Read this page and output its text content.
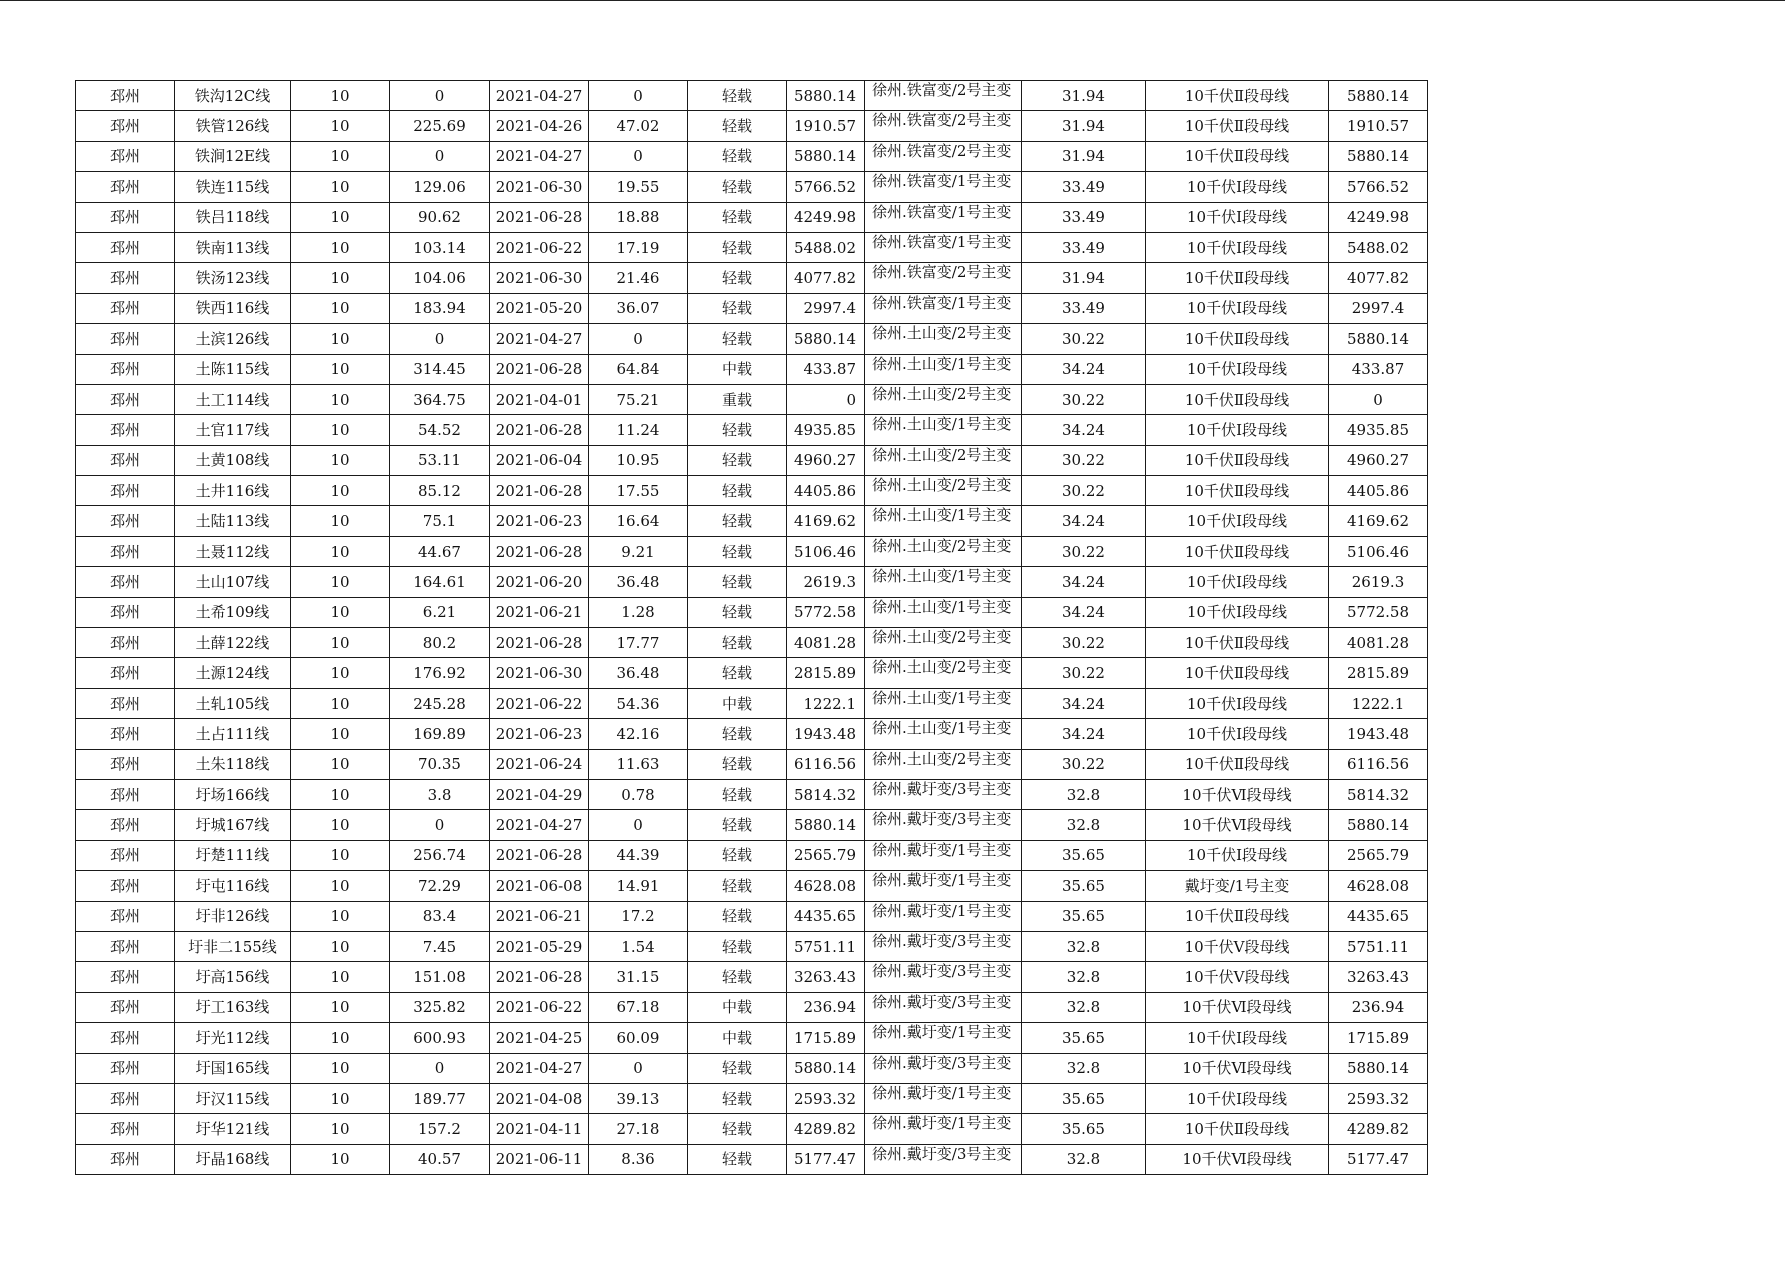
邳州	铁沟12C线	10	0	2021-04-27	0	轻载	5880.14	徐州.铁富变/2号主变	31.94	10千伏Ⅱ段母线	5880.14
邳州	铁管126线	10	225.69	2021-04-26	47.02	轻载	1910.57	徐州.铁富变/2号主变	31.94	10千伏Ⅱ段母线	1910.57
邳州	铁涧12E线	10	0	2021-04-27	0	轻载	5880.14	徐州.铁富变/2号主变	31.94	10千伏Ⅱ段母线	5880.14
邳州	铁连115线	10	129.06	2021-06-30	19.55	轻载	5766.52	徐州.铁富变/1号主变	33.49	10千伏Ⅰ段母线	5766.52
邳州	铁吕118线	10	90.62	2021-06-28	18.88	轻载	4249.98	徐州.铁富变/1号主变	33.49	10千伏Ⅰ段母线	4249.98
邳州	铁南113线	10	103.14	2021-06-22	17.19	轻载	5488.02	徐州.铁富变/1号主变	33.49	10千伏Ⅰ段母线	5488.02
邳州	铁汤123线	10	104.06	2021-06-30	21.46	轻载	4077.82	徐州.铁富变/2号主变	31.94	10千伏Ⅱ段母线	4077.82
邳州	铁西116线	10	183.94	2021-05-20	36.07	轻载	2997.4	徐州.铁富变/1号主变	33.49	10千伏Ⅰ段母线	2997.4
邳州	土滨126线	10	0	2021-04-27	0	轻载	5880.14	徐州.土山变/2号主变	30.22	10千伏Ⅱ段母线	5880.14
邳州	土陈115线	10	314.45	2021-06-28	64.84	中载	433.87	徐州.土山变/1号主变	34.24	10千伏Ⅰ段母线	433.87
邳州	土工114线	10	364.75	2021-04-01	75.21	重载	0	徐州.土山变/2号主变	30.22	10千伏Ⅱ段母线	0
邳州	土官117线	10	54.52	2021-06-28	11.24	轻载	4935.85	徐州.土山变/1号主变	34.24	10千伏Ⅰ段母线	4935.85
邳州	土黄108线	10	53.11	2021-06-04	10.95	轻载	4960.27	徐州.土山变/2号主变	30.22	10千伏Ⅱ段母线	4960.27
邳州	土井116线	10	85.12	2021-06-28	17.55	轻载	4405.86	徐州.土山变/2号主变	30.22	10千伏Ⅱ段母线	4405.86
邳州	土陆113线	10	75.1	2021-06-23	16.64	轻载	4169.62	徐州.土山变/1号主变	34.24	10千伏Ⅰ段母线	4169.62
邳州	土聂112线	10	44.67	2021-06-28	9.21	轻载	5106.46	徐州.土山变/2号主变	30.22	10千伏Ⅱ段母线	5106.46
邳州	土山107线	10	164.61	2021-06-20	36.48	轻载	2619.3	徐州.土山变/1号主变	34.24	10千伏Ⅰ段母线	2619.3
邳州	土希109线	10	6.21	2021-06-21	1.28	轻载	5772.58	徐州.土山变/1号主变	34.24	10千伏Ⅰ段母线	5772.58
邳州	土薛122线	10	80.2	2021-06-28	17.77	轻载	4081.28	徐州.土山变/2号主变	30.22	10千伏Ⅱ段母线	4081.28
邳州	土源124线	10	176.92	2021-06-30	36.48	轻载	2815.89	徐州.土山变/2号主变	30.22	10千伏Ⅱ段母线	2815.89
邳州	土轧105线	10	245.28	2021-06-22	54.36	中载	1222.1	徐州.土山变/1号主变	34.24	10千伏Ⅰ段母线	1222.1
邳州	土占111线	10	169.89	2021-06-23	42.16	轻载	1943.48	徐州.土山变/1号主变	34.24	10千伏Ⅰ段母线	1943.48
邳州	土朱118线	10	70.35	2021-06-24	11.63	轻载	6116.56	徐州.土山变/2号主变	30.22	10千伏Ⅱ段母线	6116.56
邳州	圩场166线	10	3.8	2021-04-29	0.78	轻载	5814.32	徐州.戴圩变/3号主变	32.8	10千伏Ⅵ段母线	5814.32
邳州	圩城167线	10	0	2021-04-27	0	轻载	5880.14	徐州.戴圩变/3号主变	32.8	10千伏Ⅵ段母线	5880.14
邳州	圩楚111线	10	256.74	2021-06-28	44.39	轻载	2565.79	徐州.戴圩变/1号主变	35.65	10千伏Ⅰ段母线	2565.79
邳州	圩屯116线	10	72.29	2021-06-08	14.91	轻载	4628.08	徐州.戴圩变/1号主变	35.65	戴圩变/1号主变	4628.08
邳州	圩非126线	10	83.4	2021-06-21	17.2	轻载	4435.65	徐州.戴圩变/1号主变	35.65	10千伏Ⅱ段母线	4435.65
邳州	圩非二155线	10	7.45	2021-05-29	1.54	轻载	5751.11	徐州.戴圩变/3号主变	32.8	10千伏Ⅴ段母线	5751.11
邳州	圩高156线	10	151.08	2021-06-28	31.15	轻载	3263.43	徐州.戴圩变/3号主变	32.8	10千伏Ⅴ段母线	3263.43
邳州	圩工163线	10	325.82	2021-06-22	67.18	中载	236.94	徐州.戴圩变/3号主变	32.8	10千伏Ⅵ段母线	236.94
邳州	圩光112线	10	600.93	2021-04-25	60.09	中载	1715.89	徐州.戴圩变/1号主变	35.65	10千伏Ⅰ段母线	1715.89
邳州	圩国165线	10	0	2021-04-27	0	轻载	5880.14	徐州.戴圩变/3号主变	32.8	10千伏Ⅵ段母线	5880.14
邳州	圩汉115线	10	189.77	2021-04-08	39.13	轻载	2593.32	徐州.戴圩变/1号主变	35.65	10千伏Ⅰ段母线	2593.32
邳州	圩华121线	10	157.2	2021-04-11	27.18	轻载	4289.82	徐州.戴圩变/1号主变	35.65	10千伏Ⅱ段母线	4289.82
邳州	圩晶168线	10	40.57	2021-06-11	8.36	轻载	5177.47	徐州.戴圩变/3号主变	32.8	10千伏Ⅵ段母线	5177.47
